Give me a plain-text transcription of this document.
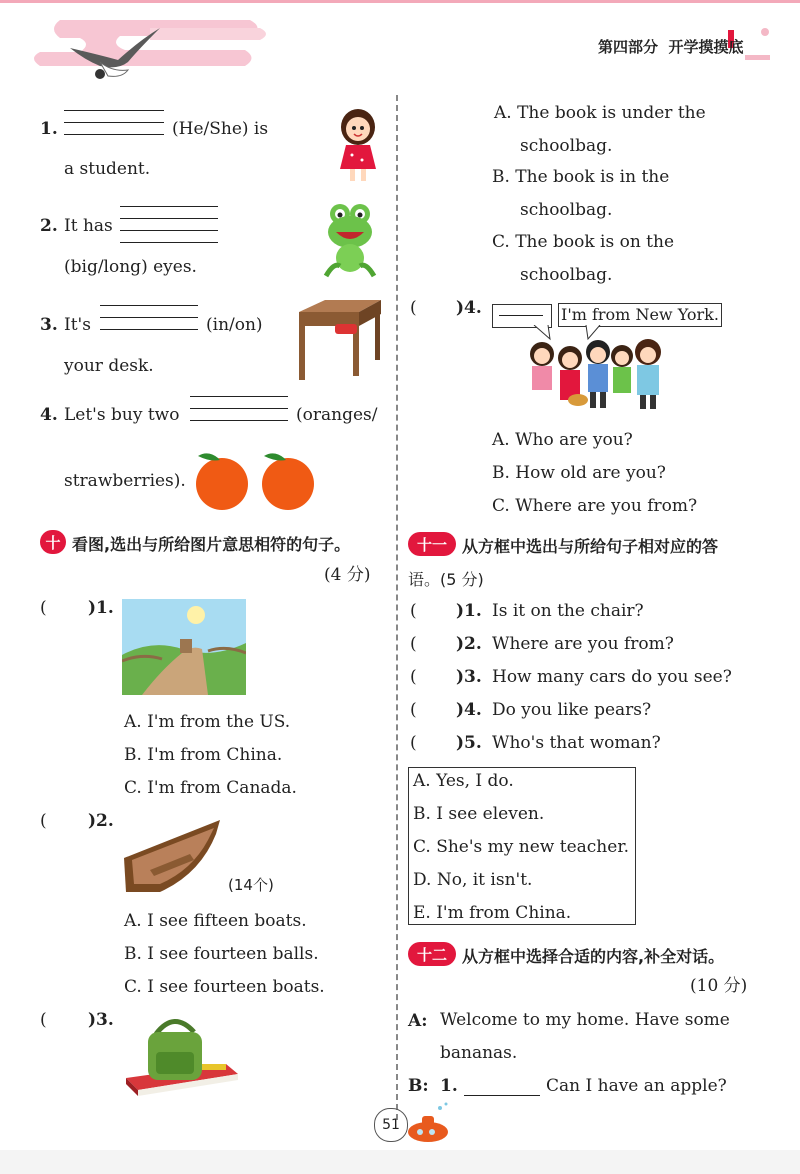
第四部分 开学摸摸底
1.	(He/She) is
a student.
2. It has
(big/long) eyes.
3. It's	(in/on)
your desk.
4. Let's buy two	(oranges/
strawberries).
十 看图,选出与所给图片意思相符的句子。
(4 分)
( )1.
A. I'm from the US.
B. I'm from China.
C. I'm from Canada.
( )2.
(14个)
A. I see fifteen boats.
B. I see fourteen balls.
C. I see fourteen boats.
( )3.
A. The book is under the
schoolbag.
B. The book is in the
schoolbag.
C. The book is on the
schoolbag.
( )4.	I'm from New York.
A. Who are you?
B. How old are you?
C. Where are you from?
十一 从方框中选出与所给句子相对应的答
语。(5 分)
( )1. Is it on the chair?
( )2. Where are you from?
( )3. How many cars do you see?
( )4. Do you like pears?
( )5. Who's that woman?
A. Yes, I do.
B. I see eleven.
C. She's my new teacher.
D. No, it isn't.
E. I'm from China.
十二 从方框中选择合适的内容,补全对话。
(10 分)
A: Welcome to my home. Have some
bananas.
B: 1.	Can I have an apple?
51
